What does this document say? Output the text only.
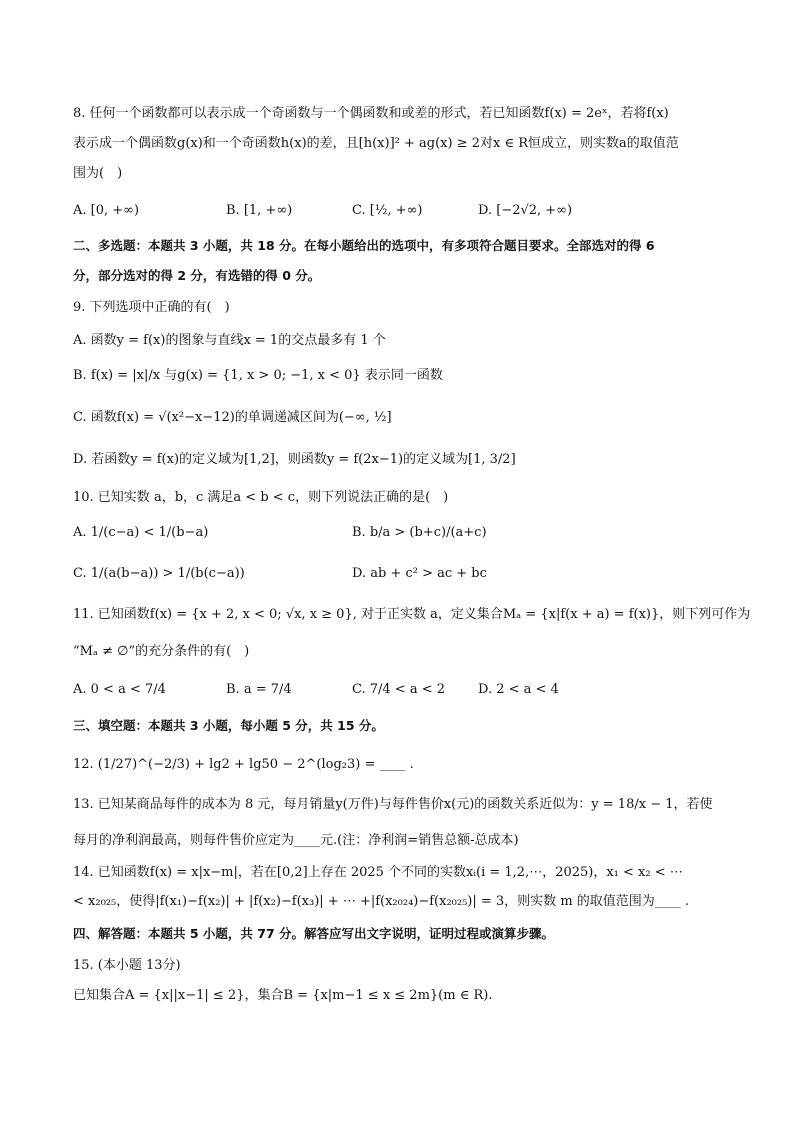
8. 任何一个函数都可以表示成一个奇函数与一个偶函数和或差的形式，若已知函数f(x) = 2eˣ，若将f(x)
表示成一个偶函数g(x)和一个奇函数h(x)的差，且[h(x)]² + ag(x) ≥ 2对x ∈ R恒成立，则实数a的取值范
围为(　)
A. [0, +∞)	B. [1, +∞)	C. [½, +∞)	D. [−2√2, +∞)
二、多选题：本题共 3 小题，共 18 分。在每小题给出的选项中，有多项符合题目要求。全部选对的得 6
分，部分选对的得 2 分，有选错的得 0 分。
9. 下列选项中正确的有(　)
A. 函数y = f(x)的图象与直线x = 1的交点最多有 1 个
B. f(x) = |x|/x 与g(x) = {1, x > 0; −1, x < 0} 表示同一函数
C. 函数f(x) = √(x²−x−12)的单调递减区间为(−∞, ½]
D. 若函数y = f(x)的定义域为[1,2]，则函数y = f(2x−1)的定义域为[1, 3/2]
10. 已知实数 a，b，c 满足a < b < c，则下列说法正确的是(　)
A. 1/(c−a) < 1/(b−a)	B. b/a > (b+c)/(a+c)
C. 1/(a(b−a)) > 1/(b(c−a))	D. ab + c² > ac + bc
11. 已知函数f(x) = {x + 2, x < 0; √x, x ≥ 0}, 对于正实数 a，定义集合Mₐ = {x|f(x + a) = f(x)}，则下列可作为
“Mₐ ≠ ∅”的充分条件的有(　)
A. 0 < a < 7/4	B. a = 7/4	C. 7/4 < a < 2	D. 2 < a < 4
三、填空题：本题共 3 小题，每小题 5 分，共 15 分。
12. (1/27)^(−2/3) + lg2 + lg50 − 2^(log₂3) = ____ .
13. 已知某商品每件的成本为 8 元，每月销量y(万件)与每件售价x(元)的函数关系近似为：y = 18/x − 1，若使
每月的净利润最高，则每件售价应定为____元.(注：净利润=销售总额-总成本)
14. 已知函数f(x) = x|x−m|，若在[0,2]上存在 2025 个不同的实数xᵢ(i = 1,2,⋯，2025)，x₁ < x₂ < ⋯
< x₂₀₂₅，使得|f(x₁)−f(x₂)| + |f(x₂)−f(x₃)| + ⋯ +|f(x₂₀₂₄)−f(x₂₀₂₅)| = 3，则实数 m 的取值范围为____ .
四、解答题：本题共 5 小题，共 77 分。解答应写出文字说明，证明过程或演算步骤。
15. (本小题 13分)
已知集合A = {x||x−1| ≤ 2}，集合B = {x|m−1 ≤ x ≤ 2m}(m ∈ R).
